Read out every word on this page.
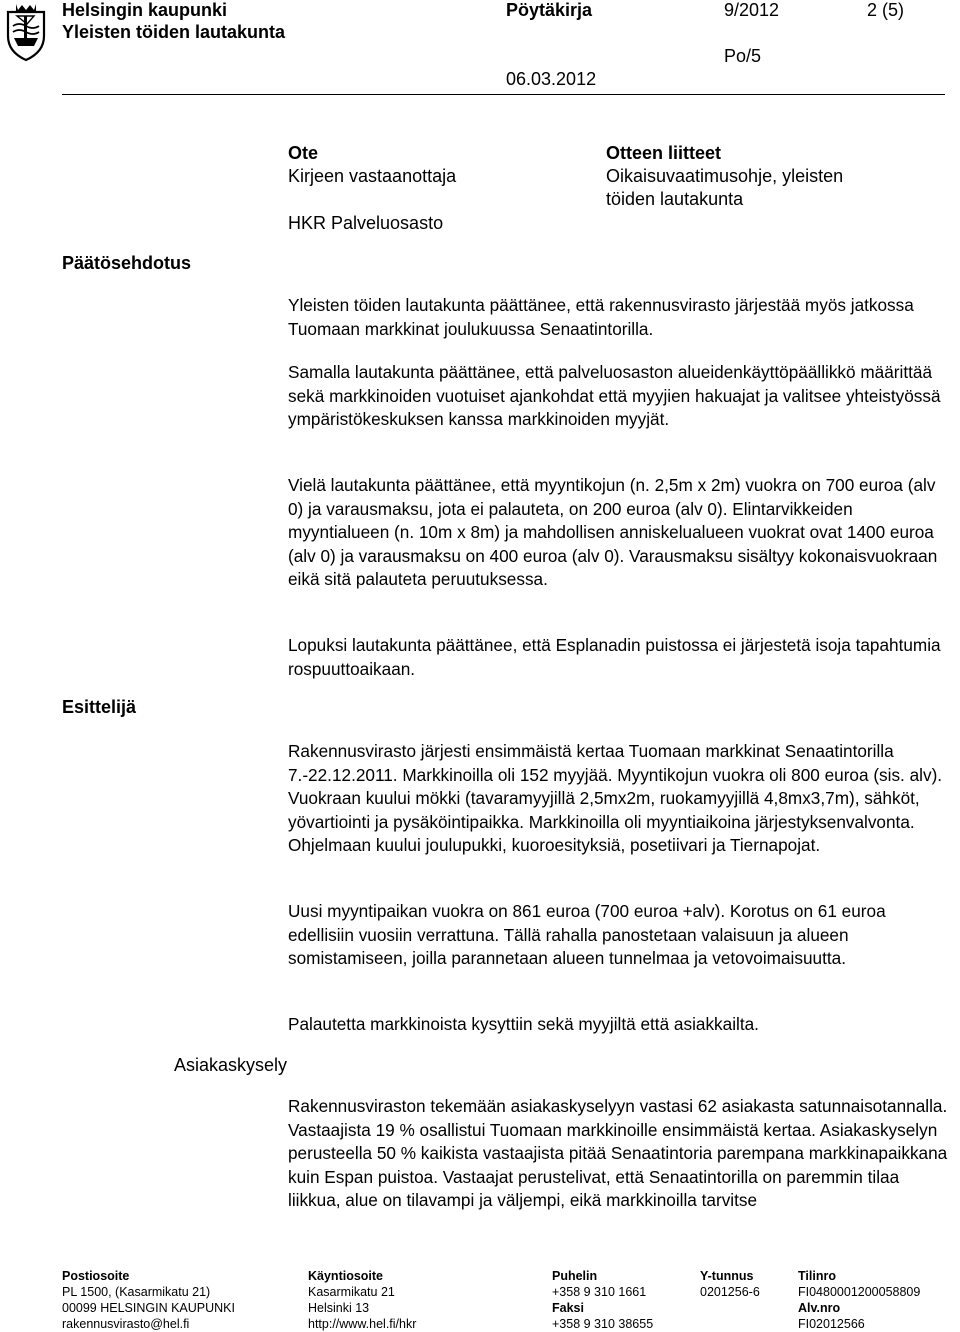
Helsingin kaupunki
Yleisten töiden lautakunta
Pöytäkirja	9/2012	2 (5)
Po/5
06.03.2012
Ote
Kirjeen vastaanottaja
HKR Palveluosasto
Otteen liitteet
Oikaisuvaatimusohje, yleisten
töiden lautakunta
Päätösehdotus
Esittelijä
Asiakaskysely

Yleisten töiden lautakunta päättänee, että rakennusvirasto järjestää myös jatkossa Tuomaan markkinat joulukuussa Senaatintorilla.

Samalla lautakunta päättänee, että palveluosaston alueidenkäyttöpäällikkö määrittää sekä markkinoiden vuotuiset ajankohdat että myyjien hakuajat ja valitsee yhteistyössä ympäristökeskuksen kanssa markkinoiden myyjät.

Vielä lautakunta päättänee, että myyntikojun (n. 2,5m x 2m) vuokra on 700 euroa (alv 0) ja varausmaksu, jota ei palauteta, on 200 euroa (alv 0). Elintarvikkeiden myyntialueen (n. 10m x 8m) ja mahdollisen anniskelualueen vuokrat ovat 1400 euroa (alv 0) ja varausmaksu on 400 euroa (alv 0). Varausmaksu sisältyy kokonaisvuokraan eikä sitä palauteta peruutuksessa.

Lopuksi lautakunta päättänee, että Esplanadin puistossa ei järjestetä isoja tapahtumia rospuuttoaikaan.

Rakennusvirasto järjesti ensimmäistä kertaa Tuomaan markkinat Senaatintorilla 7.-22.12.2011. Markkinoilla oli 152 myyjää. Myyntikojun vuokra oli 800 euroa (sis. alv). Vuokraan kuului mökki (tavaramyyjillä 2,5mx2m, ruokamyyjillä 4,8mx3,7m), sähköt, yövartiointi ja pysäköintipaikka. Markkinoilla oli myyntiaikoina järjestyksenvalvonta. Ohjelmaan kuului joulupukki, kuoroesityksiä, posetiivari ja Tiernapojat.

Uusi myyntipaikan vuokra on 861 euroa (700 euroa +alv). Korotus on 61 euroa edellisiin vuosiin verrattuna. Tällä rahalla panostetaan valaisuun ja alueen somistamiseen, joilla parannetaan alueen tunnelmaa ja vetovoimaisuutta.

Palautetta markkinoista kysyttiin sekä myyjiltä että asiakkailta.

Rakennusviraston tekemään asiakaskyselyyn vastasi 62 asiakasta satunnaisotannalla. Vastaajista 19 % osallistui Tuomaan markkinoille ensimmäistä kertaa. Asiakaskyselyn perusteella 50 % kaikista vastaajista pitää Senaatintoria parempana markkinapaikkana kuin Espan puistoa. Vastaajat perustelivat, että Senaatintorilla on paremmin tilaa liikkua, alue on tilavampi ja väljempi, eikä markkinoilla tarvitse

Postiosoite
PL 1500, (Kasarmikatu 21)
00099 HELSINGIN KAUPUNKI
rakennusvirasto@hel.fi
Käyntiosoite
Kasarmikatu 21
Helsinki 13
http://www.hel.fi/hkr
Puhelin
+358 9 310 1661
Faksi
+358 9 310 38655
Y-tunnus
0201256-6
Tilinro
FI0480001200058809
Alv.nro
FI02012566
